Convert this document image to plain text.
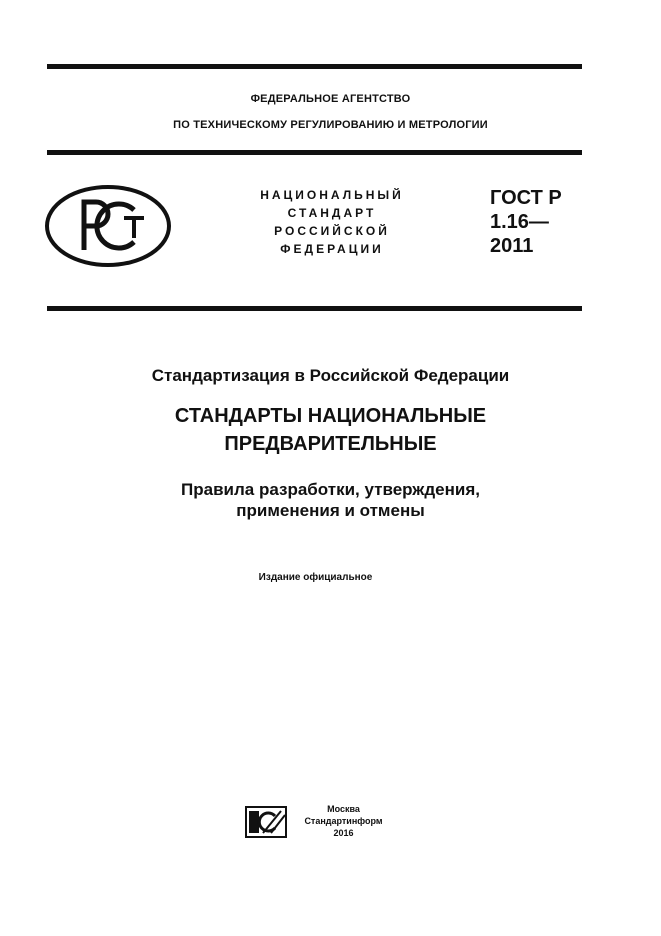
ФЕДЕРАЛЬНОЕ АГЕНТСТВО
ПО ТЕХНИЧЕСКОМУ РЕГУЛИРОВАНИЮ И МЕТРОЛОГИИ
НАЦИОНАЛЬНЫЙ
СТАНДАРТ
РОССИЙСКОЙ
ФЕДЕРАЦИИ
ГОСТ Р
1.16—
2011
Стандартизация в Российской Федерации
СТАНДАРТЫ НАЦИОНАЛЬНЫЕ
ПРЕДВАРИТЕЛЬНЫЕ
Правила разработки, утверждения,
применения и отмены
Издание официальное
Москва
Стандартинформ
2016
